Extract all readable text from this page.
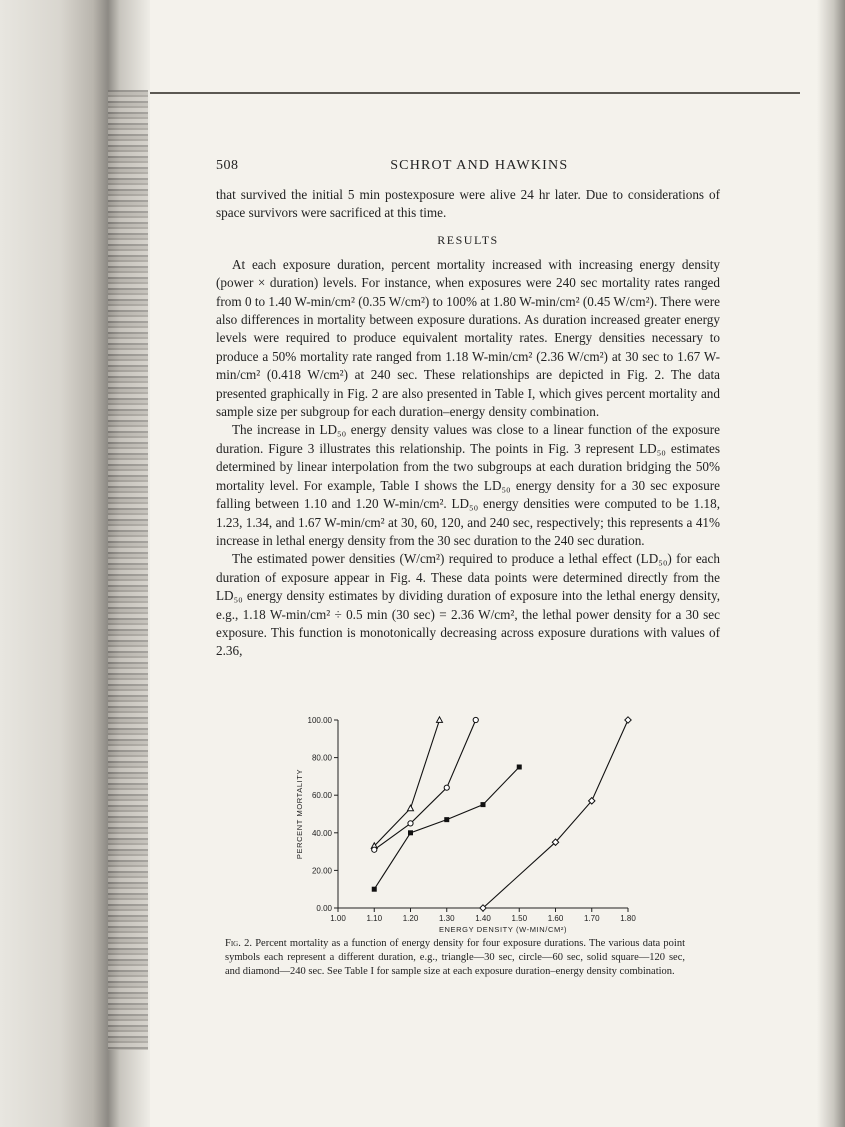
508	SCHROT AND HAWKINS

that survived the initial 5 min postexposure were alive 24 hr later. Due to considerations of space survivors were sacrificed at this time.

RESULTS

At each exposure duration, percent mortality increased with increasing energy density (power × duration) levels. For instance, when exposures were 240 sec mortality rates ranged from 0 to 1.40 W-min/cm² (0.35 W/cm²) to 100% at 1.80 W-min/cm² (0.45 W/cm²). There were also differences in mortality between exposure durations. As duration increased greater energy levels were required to produce equivalent mortality rates. Energy densities necessary to produce a 50% mortality rate ranged from 1.18 W-min/cm² (2.36 W/cm²) at 30 sec to 1.67 W-min/cm² (0.418 W/cm²) at 240 sec. These relationships are depicted in Fig. 2. The data presented graphically in Fig. 2 are also presented in Table I, which gives percent mortality and sample size per subgroup for each duration–energy density combination.

The increase in LD₅₀ energy density values was close to a linear function of the exposure duration. Figure 3 illustrates this relationship. The points in Fig. 3 represent LD₅₀ estimates determined by linear interpolation from the two subgroups at each duration bridging the 50% mortality level. For example, Table I shows the LD₅₀ energy density for a 30 sec exposure falling between 1.10 and 1.20 W-min/cm². LD₅₀ energy densities were computed to be 1.18, 1.23, 1.34, and 1.67 W-min/cm² at 30, 60, 120, and 240 sec, respectively; this represents a 41% increase in lethal energy density from the 30 sec duration to the 240 sec duration.

The estimated power densities (W/cm²) required to produce a lethal effect (LD₅₀) for each duration of exposure appear in Fig. 4. These data points were determined directly from the LD₅₀ energy density estimates by dividing duration of exposure into the lethal energy density, e.g., 1.18 W-min/cm² ÷ 0.5 min (30 sec) = 2.36 W/cm², the lethal power density for a 30 sec exposure. This function is monotonically decreasing across exposure durations with values of 2.36,

0.00
20.00
40.00
60.00
80.00
100.00
1.00	1.10	1.20	1.30	1.40	1.50	1.60	1.70	1.80
ENERGY DENSITY (W-MIN/CM²)
PERCENT MORTALITY
Fig. 2. Percent mortality as a function of energy density for four exposure durations. The various data point symbols each represent a different duration, e.g., triangle—30 sec, circle—60 sec, solid square—120 sec, and diamond—240 sec. See Table I for sample size at each exposure duration–energy density combination.
